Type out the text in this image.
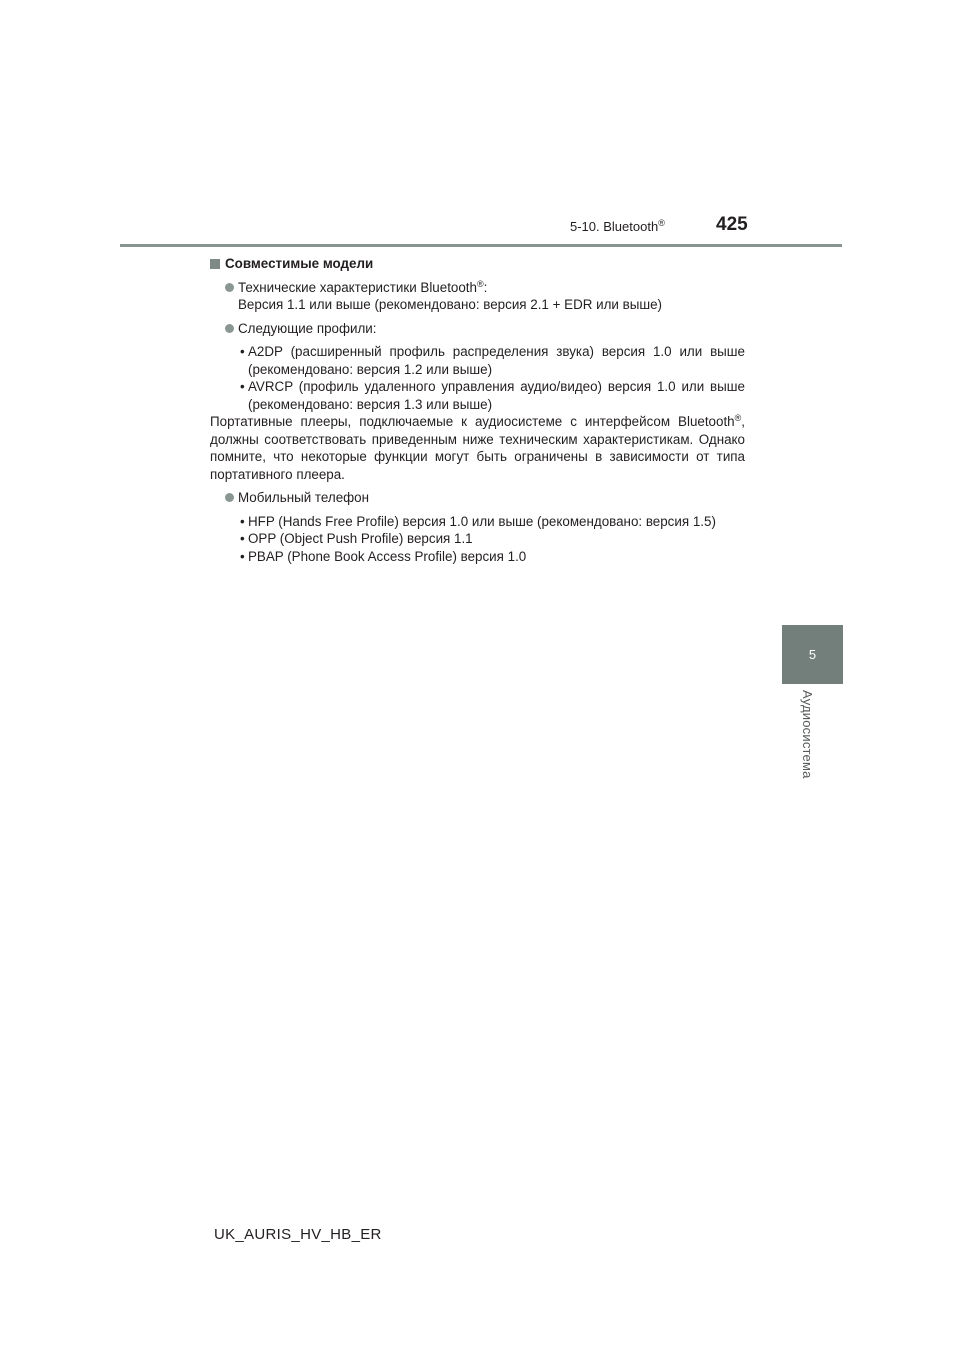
5-10. Bluetooth®	425
5
Аудиосистема
Совместимые модели
Технические характеристики Bluetooth®:
Версия 1.1 или выше (рекомендовано: версия 2.1 + EDR или выше)
Следующие профили:
• A2DP (расширенный профиль распределения звука) версия 1.0 или выше (рекомендовано: версия 1.2 или выше)
• AVRCP (профиль удаленного управления аудио/видео) версия 1.0 или выше (рекомендовано: версия 1.3 или выше)
Портативные плееры, подключаемые к аудиосистеме с интерфейсом Bluetooth®, должны соответствовать приведенным ниже техническим характеристикам. Однако помните, что некоторые функции могут быть ограничены в зависимости от типа портативного плеера.
Мобильный телефон
• HFP (Hands Free Profile) версия 1.0 или выше (рекомендовано: версия 1.5)
• OPP (Object Push Profile) версия 1.1
• PBAP (Phone Book Access Profile) версия 1.0
UK_AURIS_HV_HB_ER
